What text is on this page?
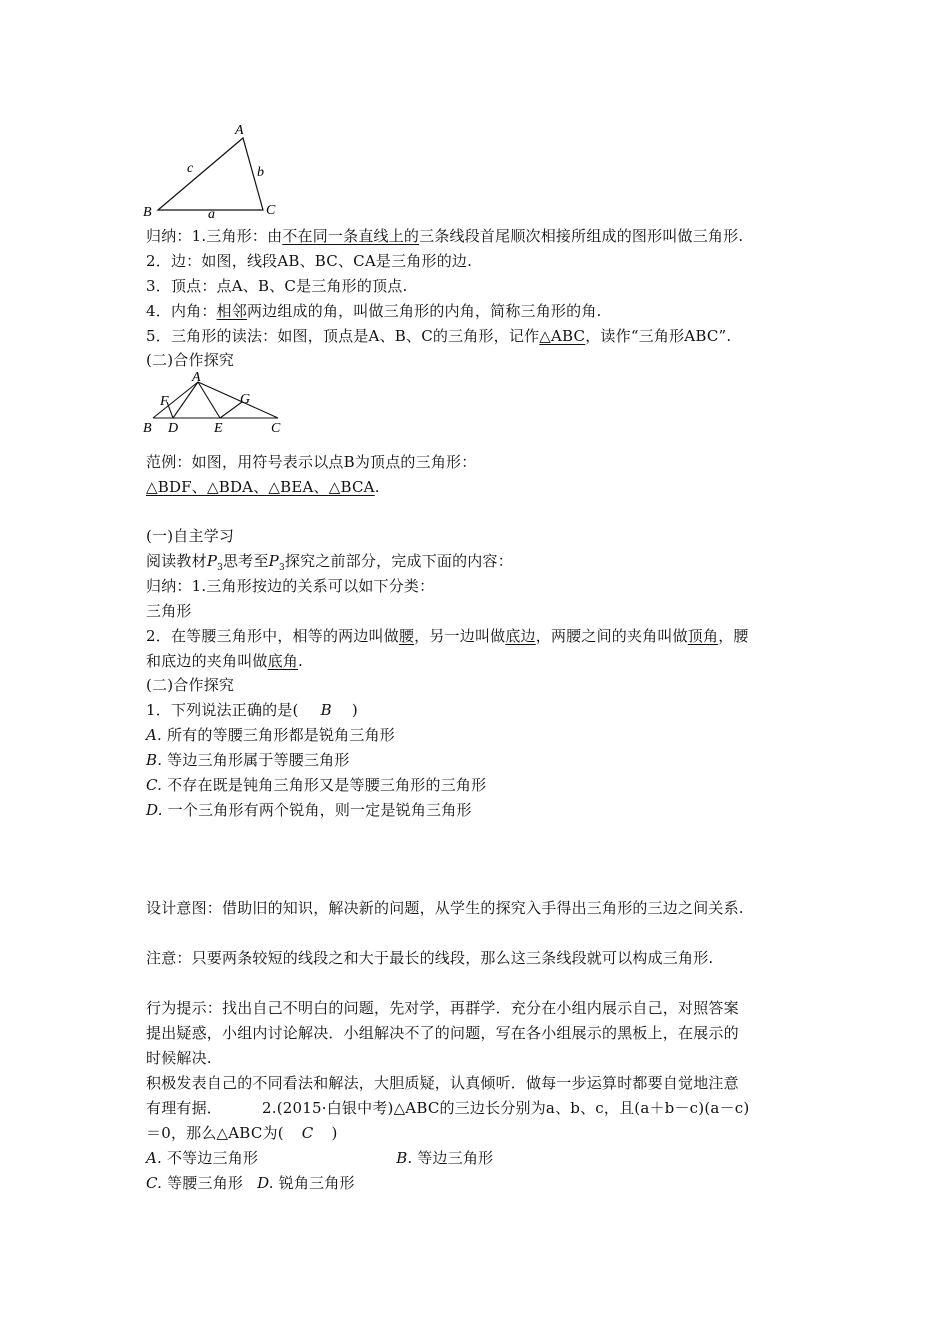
A
B	C
a
b
c
归纳：1.三角形：由不在同一条直线上的三条线段首尾顺次相接所组成的图形叫做三角形.
2．边：如图，线段AB、BC、CA是三角形的边.
3．顶点：点A、B、C是三角形的顶点.
4．内角：相邻两边组成的角，叫做三角形的内角，简称三角形的角.
5．三角形的读法：如图，顶点是A、B、C的三角形，记作△ABC，读作“三角形ABC”.
(二)合作探究
A
B	C
D	E
F	G
范例：如图，用符号表示以点B为顶点的三角形：
△BDF、△BDA、△BEA、△BCA.
(一)自主学习
阅读教材$P_3$思考至$P_3$探究之前部分，完成下面的内容：
归纳：1.三角形按边的关系可以如下分类：
三角形
2．在等腰三角形中，相等的两边叫做腰，另一边叫做底边，两腰之间的夹角叫做顶角，腰
和底边的夹角叫做底角.
(二)合作探究
1．下列说法正确的是( B )
A. 所有的等腰三角形都是锐角三角形
B. 等边三角形属于等腰三角形
C. 不存在既是钝角三角形又是等腰三角形的三角形
D. 一个三角形有两个锐角，则一定是锐角三角形
设计意图：借助旧的知识，解决新的问题，从学生的探究入手得出三角形的三边之间关系.
注意：只要两条较短的线段之和大于最长的线段，那么这三条线段就可以构成三角形.
行为提示：找出自己不明白的问题，先对学，再群学．充分在小组内展示自己，对照答案
提出疑惑，小组内讨论解决．小组解决不了的问题，写在各小组展示的黑板上，在展示的
时候解决.
积极发表自己的不同看法和解法，大胆质疑，认真倾听．做每一步运算时都要自觉地注意
有理有据．	2.(2015·白银中考)△ABC的三边长分别为a、b、c，且(a＋b－c)(a－c)
＝0，那么△ABC为( C )
A. 不等边三角形	B. 等边三角形
C. 等腰三角形 D. 锐角三角形
